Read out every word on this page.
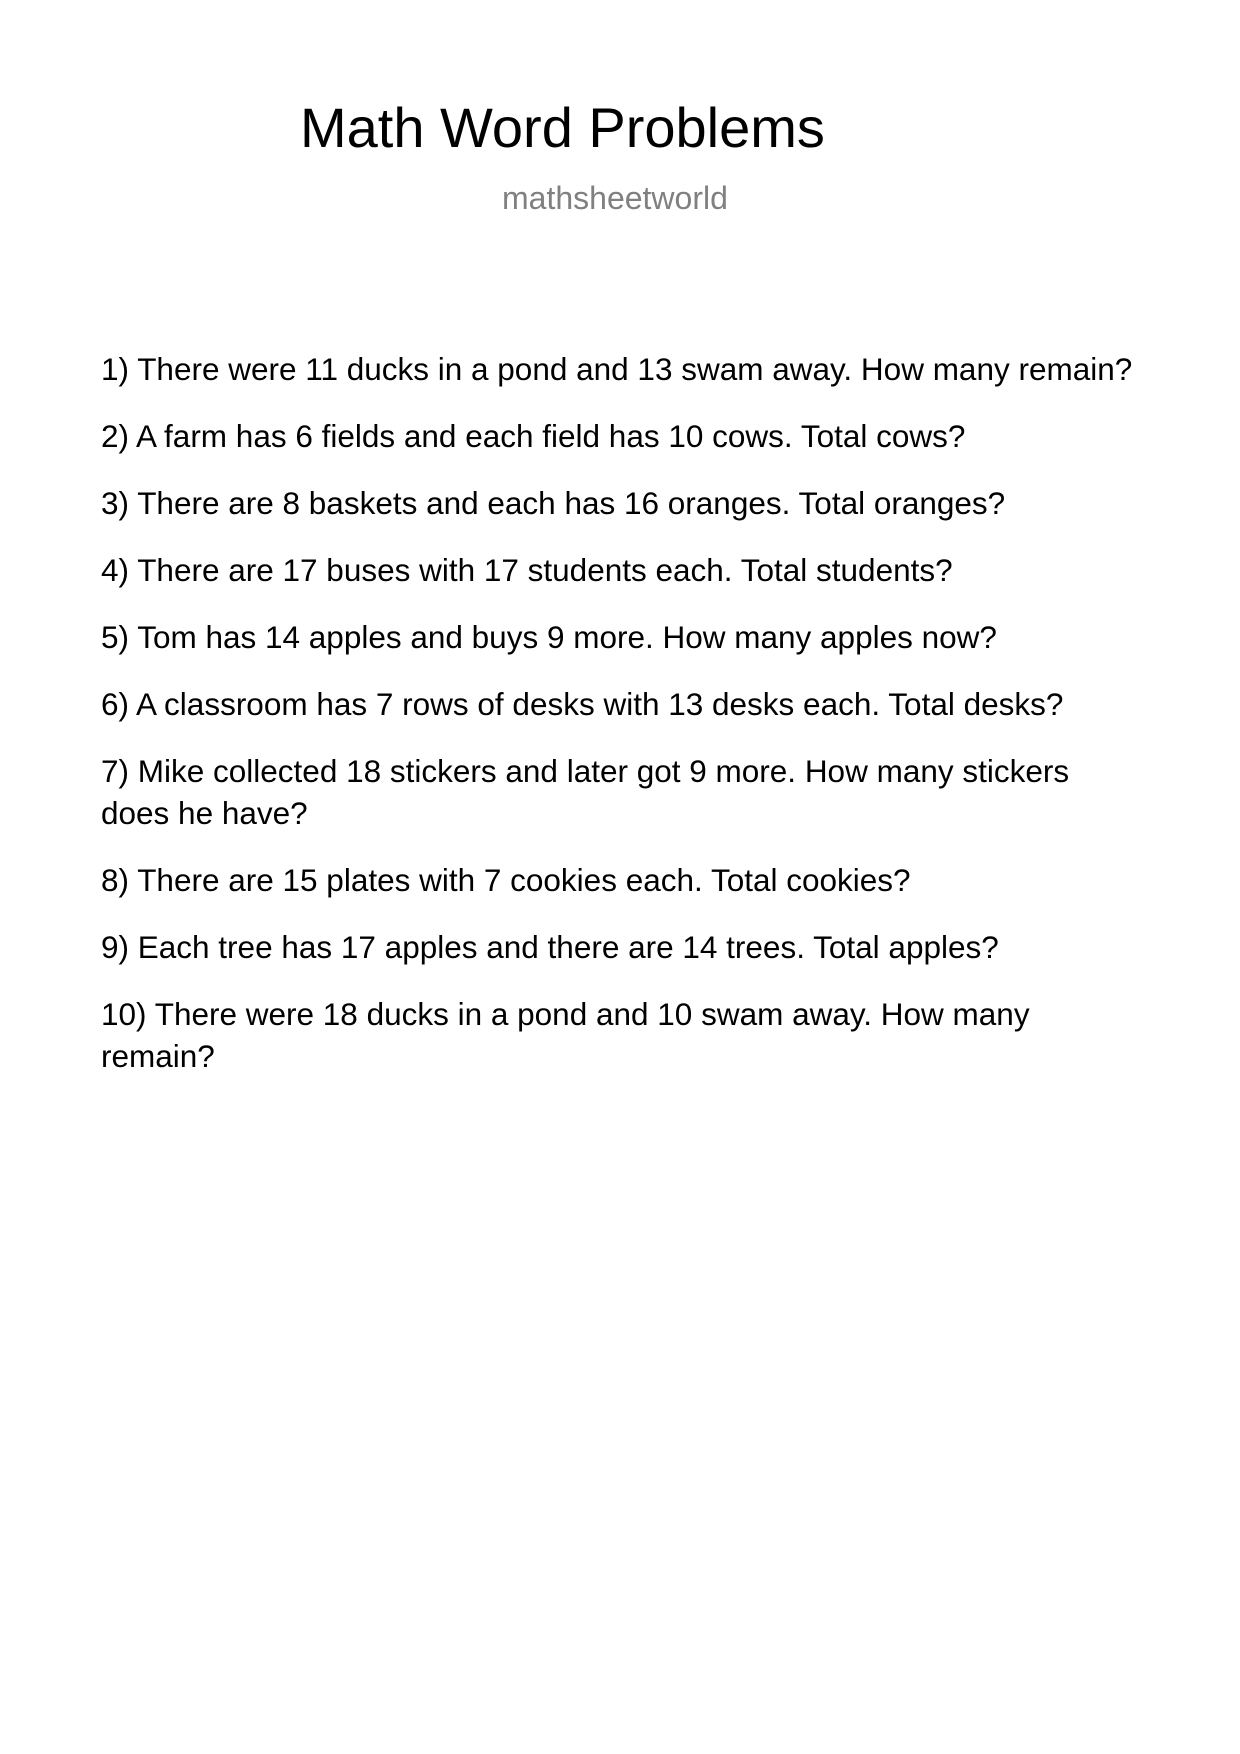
Math Word Problems
mathsheetworld
1) There were 11 ducks in a pond and 13 swam away. How many remain?
2) A farm has 6 fields and each field has 10 cows. Total cows?
3) There are 8 baskets and each has 16 oranges. Total oranges?
4) There are 17 buses with 17 students each. Total students?
5) Tom has 14 apples and buys 9 more. How many apples now?
6) A classroom has 7 rows of desks with 13 desks each. Total desks?
7) Mike collected 18 stickers and later got 9 more. How many stickers does he have?
8) There are 15 plates with 7 cookies each. Total cookies?
9) Each tree has 17 apples and there are 14 trees. Total apples?
10) There were 18 ducks in a pond and 10 swam away. How many remain?
